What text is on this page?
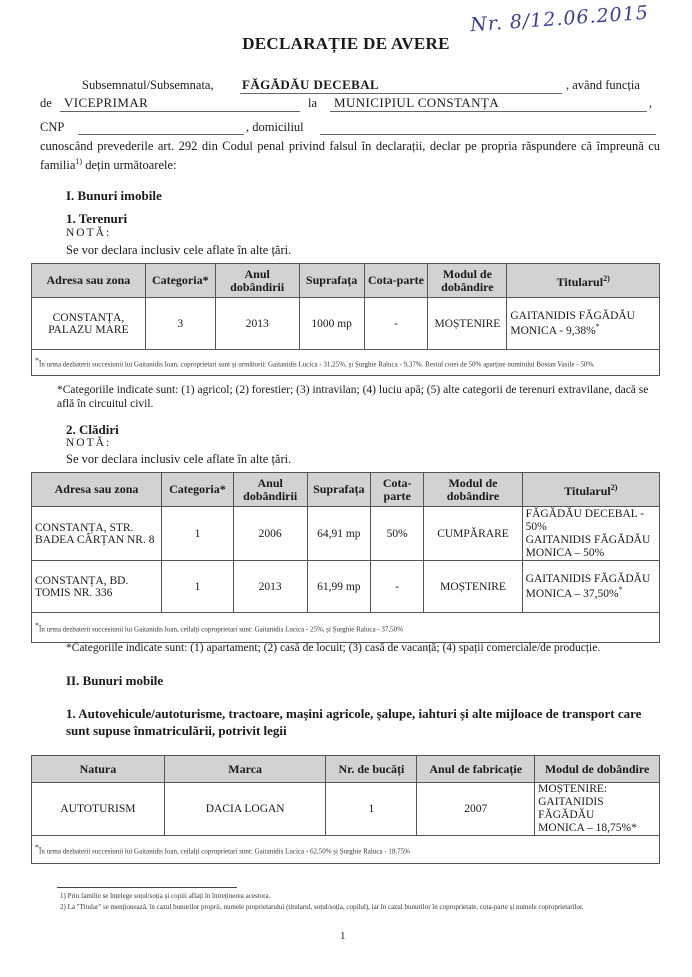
Nr. 8/12.06.2015
DECLARAȚIE DE AVERE
Subsemnatul/Subsemnata, FĂGĂDĂU DECEBAL	, având funcția
de VICEPRIMAR	la MUNICIPIUL CONSTANȚA	,
CNP	, domiciliul
cunoscând prevederile art. 292 din Codul penal privind falsul în declarații, declar pe propria răspundere că împreună cu familia$^{1)}$ dețin următoarele:
I. Bunuri imobile
1. Terenuri
NOTĂ:
Se vor declara inclusiv cele aflate în alte țări.
Adresa sau zona	Categoria*	Anul dobândirii	Suprafața	Cota-parte	Modul de dobândire	Titularul$^{2)}$
CONSTANȚA, PALAZU MARE	3	2013	1000 mp	-	MOȘTENIRE	GAITANIDIS FĂGĂDĂU
MONICA - 9,38%*

*În urma dezbaterii succesiunii lui Gaitanidis Ioan, coproprietari sunt și următorii: Gaitanidis Lucica - 31,25%, și Șurghie Raluca - 9,37%. Restul cotei de 50% aparține numitului Bostan Vasile - 50%.						
*Categoriile indicate sunt: (1) agricol; (2) forestier; (3) intravilan; (4) luciu apă; (5) alte categorii de terenuri extravilane, dacă se află în circuitul civil.
2. Clădiri
NOTĂ:
Se vor declara inclusiv cele aflate în alte țări.
Adresa sau zona	Categoria*	Anul dobândirii	Suprafața	Cota-parte	Modul de dobândire	Titularul$^{2)}$
CONSTANȚA, STR. BADEA CÂRȚAN NR. 8	1	2006	64,91 mp	50%	CUMPĂRARE	FĂGĂDĂU DECEBAL -
50%
GAITANIDIS FĂGĂDĂU
MONICA – 50%

CONSTANȚA, BD. TOMIS NR. 336	1	2013	61,99 mp	-	MOȘTENIRE	GAITANIDIS FĂGĂDĂU
MONICA – 37,50%*

*În urma dezbaterii succesiunii lui Gaitanidis Ioan, ceilalți coproprietari sunt: Gaitanidis Lucica - 25%, și Șurghie Raluca - 37,50%						
*Categoriile indicate sunt: (1) apartament; (2) casă de locuit; (3) casă de vacanță; (4) spații comerciale/de producție.
II. Bunuri mobile
1. Autovehicule/autoturisme, tractoare, mașini agricole, șalupe, iahturi și alte mijloace de transport care sunt supuse înmatriculării, potrivit legii
Natura	Marca	Nr. de bucăți	Anul de fabricație	Modul de dobândire
AUTOTURISM	DACIA LOGAN	1	2007	MOȘTENIRE:
GAITANIDIS FĂGĂDĂU
MONICA – 18,75%*

*În urma dezbaterii succesiunii lui Gaitanidis Ioan, ceilalți coproprietari sunt: Gaitanidis Lucica - 62,50% și Șurghie Raluca - 18,75%				
1) Prin familie se înțelege soțul/soția și copiii aflați în întreținerea acestora.
2) La "Titular" se menționează, în cazul bunurilor proprii, numele proprietarului (titularul, soțul/soția, copilul), iar în cazul bunurilor în coproprietate, cota-parte și numele coproprietarilor.
1
